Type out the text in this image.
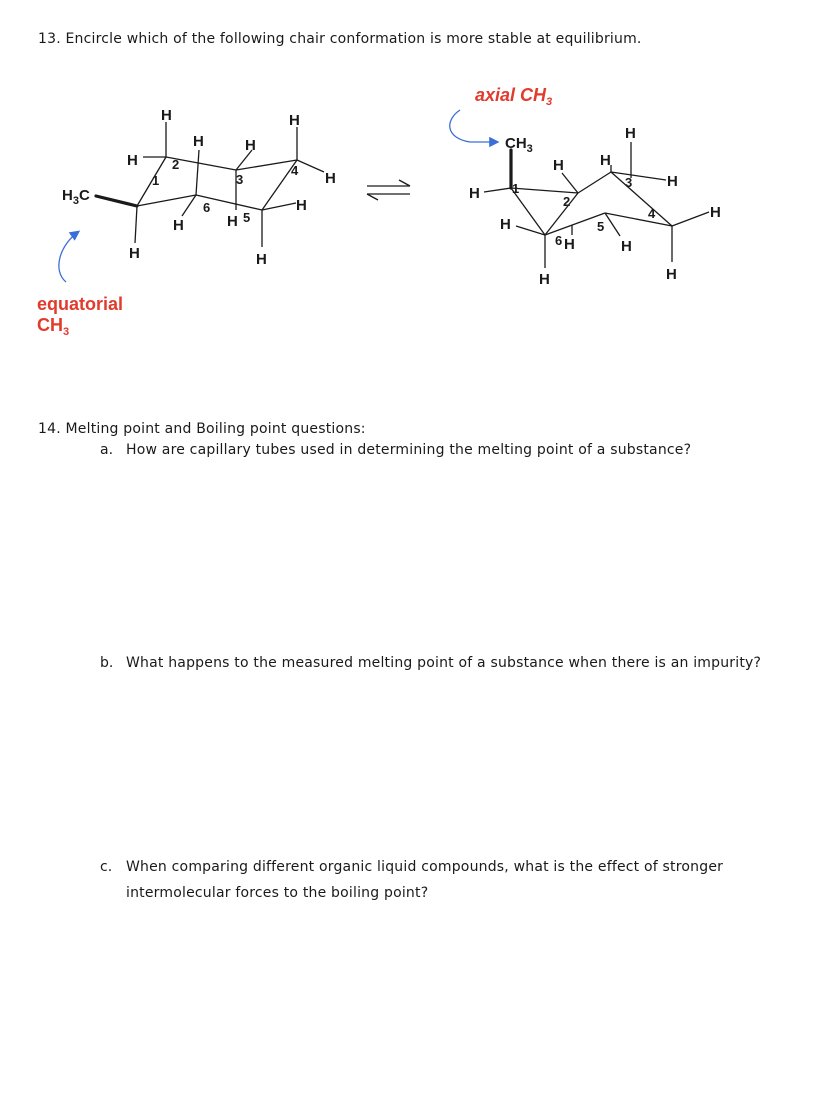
13. Encircle which of the following chair conformation is more stable at equilibrium.
$H_3C$
H
H
H
H	H
H	H
H
H
H
H
1
2
3
4
5
6
equatorial
$CH_3$
$CH_3$
H
H
H
H
H
H
H
H
H
H
H
1
2
3
4
5
6
axial $CH_3$
14. Melting point and Boiling point questions:
a. How are capillary tubes used in determining the melting point of a substance?
b. What happens to the measured melting point of a substance when there is an impurity?
c. When comparing different organic liquid compounds, what is the effect of stronger intermolecular forces to the boiling point?
